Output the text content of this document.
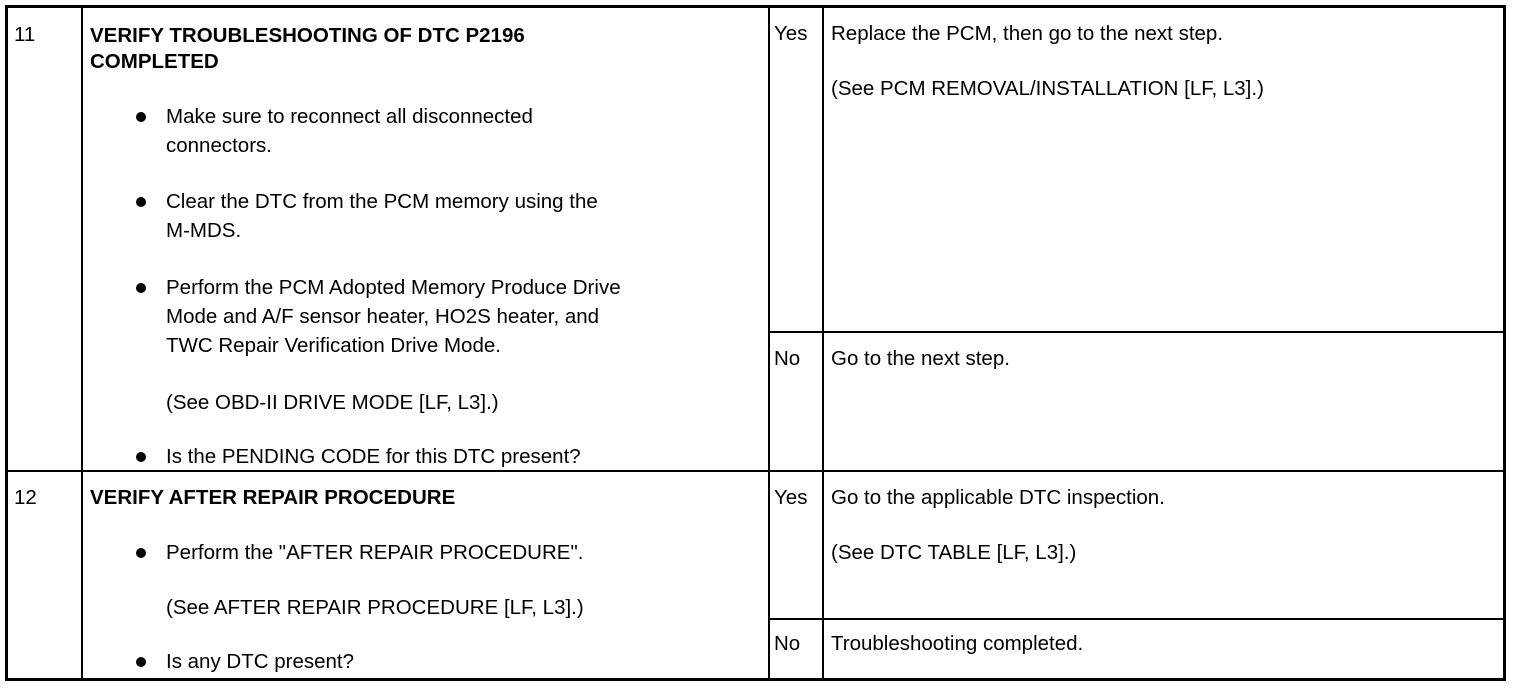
11	VERIFY TROUBLESHOOTING OF DTC P2196
COMPLETED
Make sure to reconnect all disconnected
connectors.
Clear the DTC from the PCM memory using the
M-MDS.
Perform the PCM Adopted Memory Produce Drive
Mode and A/F sensor heater, HO2S heater, and
TWC Repair Verification Drive Mode.
(See OBD-II DRIVE MODE [LF, L3].)
Is the PENDING CODE for this DTC present?
Yes Replace the PCM, then go to the next step.
(See PCM REMOVAL/INSTALLATION [LF, L3].)
No Go to the next step.
12	VERIFY AFTER REPAIR PROCEDURE
Perform the "AFTER REPAIR PROCEDURE".
(See AFTER REPAIR PROCEDURE [LF, L3].)
Is any DTC present?
Yes Go to the applicable DTC inspection.
(See DTC TABLE [LF, L3].)
No Troubleshooting completed.
